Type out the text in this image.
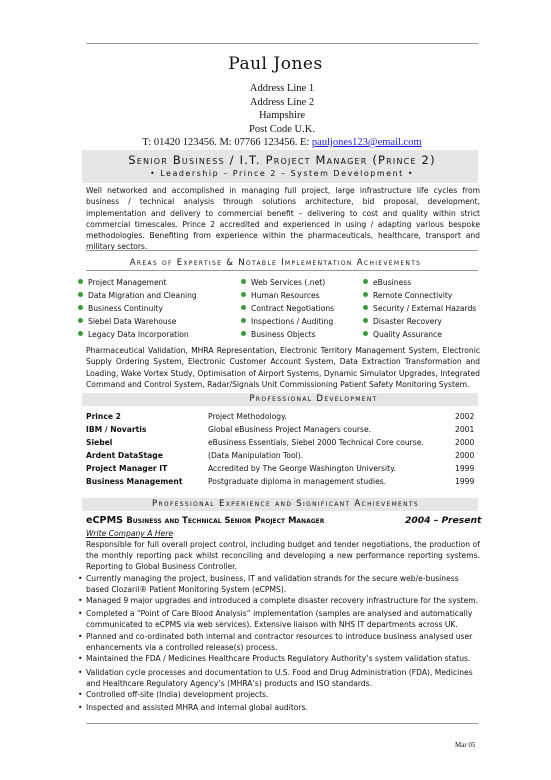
Paul Jones
Address Line 1
Address Line 2
Hampshire
Post Code U.K.
T: 01420 123456. M: 07766 123456. E: pauljones123@email.com
Senior Business / I.T. Project Manager (Prince 2)
• Leadership – Prince 2 – System Development •

Well networked and accomplished in managing full project, large infrastructure life cycles from business / technical analysis through solutions architecture, bid proposal, development, implementation and delivery to commercial benefit – delivering to cost and quality within strict commercial timescales. Prince 2 accredited and experienced in using / adapting various bespoke methodologies. Benefiting from experience within the pharmaceuticals, healthcare, transport and military sectors.

Areas of Expertise & Notable Implementation Achievements
Project Management
Data Migration and Cleaning
Business Continuity
Siebel Data Warehouse
Legacy Data Incorporation
Web Services (.net)
Human Resources
Contract Negotiations
Inspections / Auditing
Business Objects
eBusiness
Remote Connectivity
Security / External Hazards
Disaster Recovery
Quality Assurance

Pharmaceutical Validation, MHRA Representation, Electronic Territory Management System, Electronic Supply Ordering System, Electronic Customer Account System, Data Extraction Transformation and Loading, Wake Vortex Study, Optimisation of Airport Systems, Dynamic Simulator Upgrades, Integrated Command and Control System, Radar/Signals Unit Commissioning Patient Safety Monitoring System.

Professional Development
Prince 2	Project Methodology.	2002
IBM / Novartis	Global eBusiness Project Managers course.	2001
Siebel	eBusiness Essentials, Siebel 2000 Technical Core course.	2000
Ardent DataStage	(Data Manipulation Tool).	2000
Project Manager IT	Accredited by The George Washington University.	1999
Business Management	Postgraduate diploma in management studies.	1999
Professional Experience and Significant Achievements
eCPMS Business and Technical Senior Project Manager	2004 – Present
Write Company A Here

Responsible for full overall project control, including budget and tender negotiations, the production of the monthly reporting pack whilst reconciling and developing a new performance reporting systems. Reporting to Global Business Controller.

• Currently managing the project, business, IT and validation strands for the secure web/e-business based Clozaril® Patient Monitoring System (eCPMS).
• Managed 9 major upgrades and introduced a complete disaster recovery infrastructure for the system.
• Completed a “Point of Care Blood Analysis” implementation (samples are analysed and automatically communicated to eCPMS via web services). Extensive liaison with NHS IT departments across UK.
• Planned and co-ordinated both internal and contractor resources to introduce business analysed user enhancements via a controlled release(s) process.
• Maintained the FDA / Medicines Healthcare Products Regulatory Authority’s system validation status.
• Validation cycle processes and documentation to U.S. Food and Drug Administration (FDA), Medicines and Healthcare Regulatory Agency’s (MHRA’s) products and ISO standards.
• Controlled off-site (India) development projects.
• Inspected and assisted MHRA and internal global auditors.
Mar 05
